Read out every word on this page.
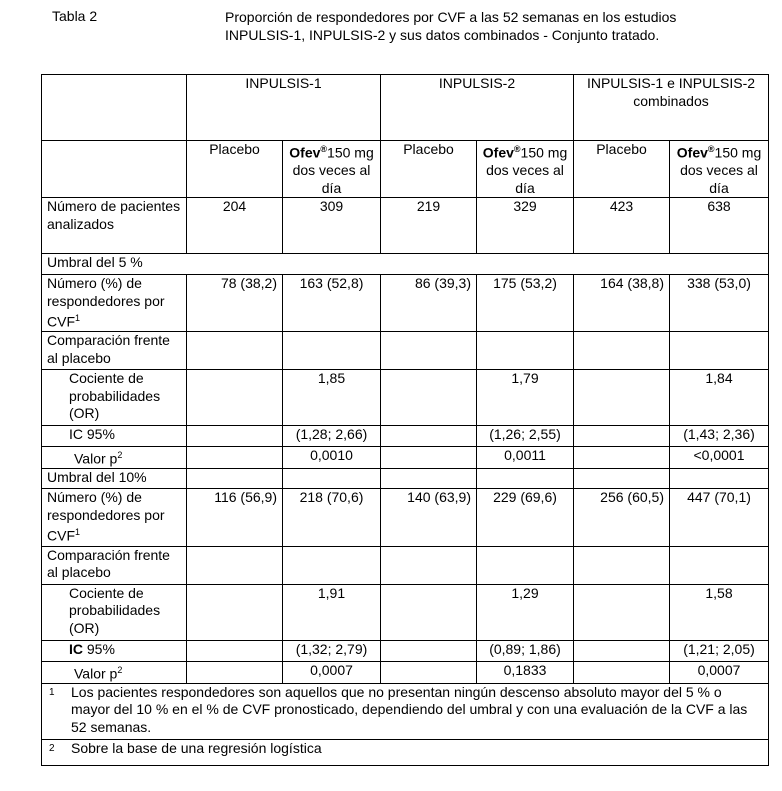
Tabla 2	Proporción de respondedores por CVF a las 52 semanas en los estudios INPULSIS-1, INPULSIS-2 y sus datos combinados - Conjunto tratado.
	INPULSIS-1		INPULSIS-2		INPULSIS-1 e INPULSIS-2
combinados	

	Placebo	Ofev®150 mg dos veces al día	Placebo	Ofev®150 mg dos veces al día	Placebo	Ofev®150 mg dos veces al día
Número de pacientes analizados	204	309	219	329	423	638
Umbral del 5 %						
Número (%) de respondedores por CVF$^1$	78 (38,2)	163 (52,8)	86 (39,3)	175 (53,2)	164 (38,8)	338 (53,0)
Comparación frente al placebo						
Cociente de probabilidades (OR)		1,85		1,79		1,84
IC 95%		(1,28; 2,66)		(1,26; 2,55)		(1,43; 2,36)
Valor $p^2$		0,0010		0,0011		<0,0001
Umbral del 10%						
Número (%) de respondedores por CVF$^1$	116 (56,9)	218 (70,6)	140 (63,9)	229 (69,6)	256 (60,5)	447 (70,1)
Comparación frente al placebo						
Cociente de probabilidades (OR)		1,91		1,29		1,58
IC 95%		(1,32; 2,79)		(0,89; 1,86)		(1,21; 2,05)
Valor $p^2$		0,0007		0,1833		0,0007

1 Los pacientes respondedores son aquellos que no presentan ningún descenso absoluto mayor del 5 % o mayor del 10 % en el % de CVF pronosticado, dependiendo del umbral y con una evaluación de la CVF a las 52 semanas.						

2 Sobre la base de una regresión logística						
